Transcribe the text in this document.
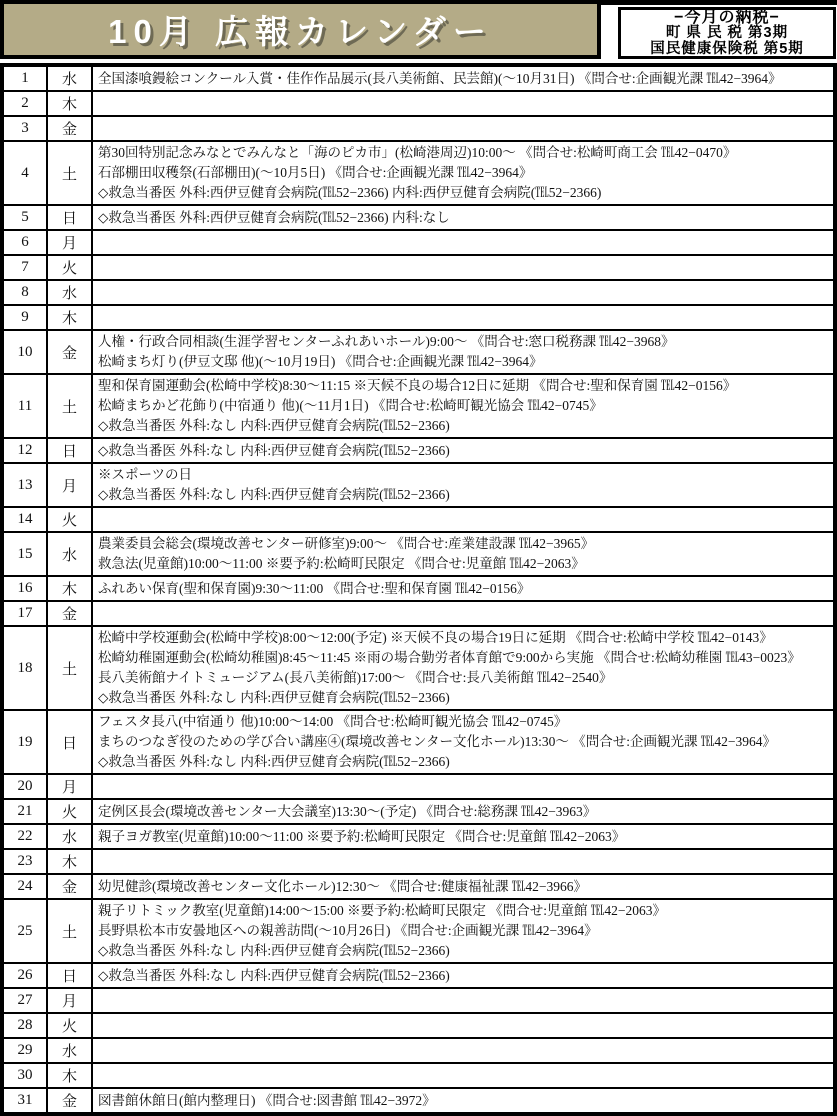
10月 広報カレンダー	−今月の納税−
町 県 民 税 第3期
国民健康保険税 第5期
1	水	全国漆喰鏝絵コンクール入賞・佳作作品展示(長八美術館、民芸館)(〜10月31日) 《問合せ:企画観光課 ℡42−3964》

2	木	
3	金	
4	土	第30回特別記念みなとでみんなと「海のピカ市」(松崎港周辺)10:00〜 《問合せ:松崎町商工会 ℡42−0470》
石部棚田収穫祭(石部棚田)(〜10月5日) 《問合せ:企画観光課 ℡42−3964》
◇救急当番医 外科:西伊豆健育会病院(℡52−2366) 内科:西伊豆健育会病院(℡52−2366)

5	日	◇救急当番医 外科:西伊豆健育会病院(℡52−2366) 内科:なし

6	月	
7	火	
8	水	
9	木	
10	金	人権・行政合同相談(生涯学習センターふれあいホール)9:00〜 《問合せ:窓口税務課 ℡42−3968》
松崎まち灯り(伊豆文邸 他)(〜10月19日) 《問合せ:企画観光課 ℡42−3964》

11	土	聖和保育園運動会(松崎中学校)8:30〜11:15 ※天候不良の場合12日に延期 《問合せ:聖和保育園 ℡42−0156》
松崎まちかど花飾り(中宿通り 他)(〜11月1日) 《問合せ:松崎町観光協会 ℡42−0745》
◇救急当番医 外科:なし 内科:西伊豆健育会病院(℡52−2366)

12	日	◇救急当番医 外科:なし 内科:西伊豆健育会病院(℡52−2366)

13	月	※スポーツの日
◇救急当番医 外科:なし 内科:西伊豆健育会病院(℡52−2366)

14	火	
15	水	農業委員会総会(環境改善センター研修室)9:00〜 《問合せ:産業建設課 ℡42−3965》
救急法(児童館)10:00〜11:00 ※要予約:松崎町民限定 《問合せ:児童館 ℡42−2063》

16	木	ふれあい保育(聖和保育園)9:30〜11:00 《問合せ:聖和保育園 ℡42−0156》

17	金	
18	土	松崎中学校運動会(松崎中学校)8:00〜12:00(予定) ※天候不良の場合19日に延期 《問合せ:松崎中学校 ℡42−0143》
松崎幼稚園運動会(松崎幼稚園)8:45〜11:45 ※雨の場合勤労者体育館で9:00から実施 《問合せ:松崎幼稚園 ℡43−0023》
長八美術館ナイトミュージアム(長八美術館)17:00〜 《問合せ:長八美術館 ℡42−2540》
◇救急当番医 外科:なし 内科:西伊豆健育会病院(℡52−2366)

19	日	フェスタ長八(中宿通り 他)10:00〜14:00 《問合せ:松崎町観光協会 ℡42−0745》
まちのつなぎ役のための学び合い講座④(環境改善センター文化ホール)13:30〜 《問合せ:企画観光課 ℡42−3964》
◇救急当番医 外科:なし 内科:西伊豆健育会病院(℡52−2366)

20	月	
21	火	定例区長会(環境改善センター大会議室)13:30〜(予定) 《問合せ:総務課 ℡42−3963》

22	水	親子ヨガ教室(児童館)10:00〜11:00 ※要予約:松崎町民限定 《問合せ:児童館 ℡42−2063》

23	木	
24	金	幼児健診(環境改善センター文化ホール)12:30〜 《問合せ:健康福祉課 ℡42−3966》

25	土	親子リトミック教室(児童館)14:00〜15:00 ※要予約:松崎町民限定 《問合せ:児童館 ℡42−2063》
長野県松本市安曇地区への親善訪問(〜10月26日) 《問合せ:企画観光課 ℡42−3964》
◇救急当番医 外科:なし 内科:西伊豆健育会病院(℡52−2366)

26	日	◇救急当番医 外科:なし 内科:西伊豆健育会病院(℡52−2366)

27	月	
28	火	
29	水	
30	木	
31	金	図書館休館日(館内整理日) 《問合せ:図書館 ℡42−3972》
